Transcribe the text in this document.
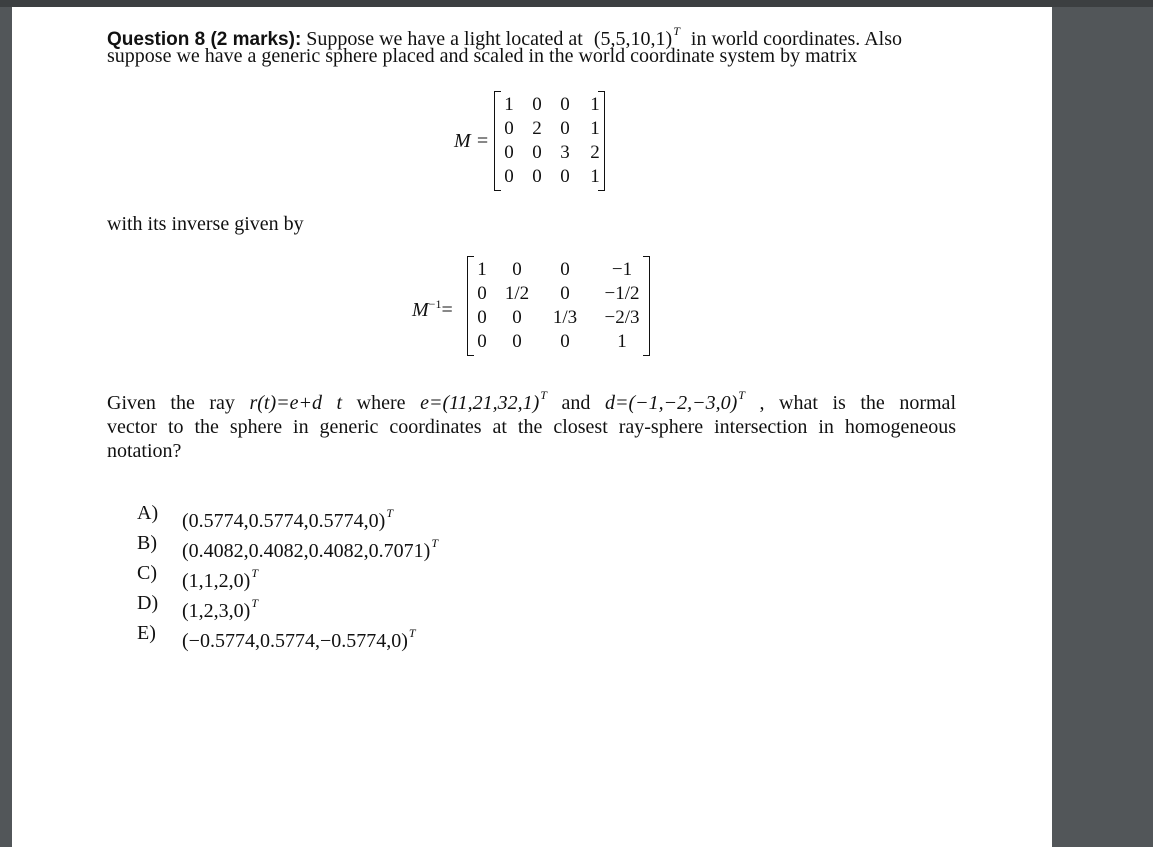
Question 8 (2 marks): Suppose we have a light located at $(5,5,10,1)^T$ in world coordinates. Also
suppose we have a generic sphere placed and scaled in the world coordinate system by matrix
M =
1 0 0	1
0 2 0	1
0 0 3	2
0 0 0	1
with its inverse given by
$M^{-1}=$
1	0	0	−1
0 1/2	0	−1/2
0	0	1/3	−2/3
0	0	0	1
Given the ray r(t)=e+d t where $e=(11,21,32,1)^T$ and $d=(-1,-2,-3,0)^T$ , what is the normal
vector to the sphere in generic coordinates at the closest ray-sphere intersection in homogeneous
notation?
A) $(0.5774,0.5774,0.5774,0)^T$
B) $(0.4082,0.4082,0.4082,0.7071)^T$
C) $(1,1,2,0)^T$
D) $(1,2,3,0)^T$
E) $(-0.5774,0.5774,-0.5774,0)^T$
